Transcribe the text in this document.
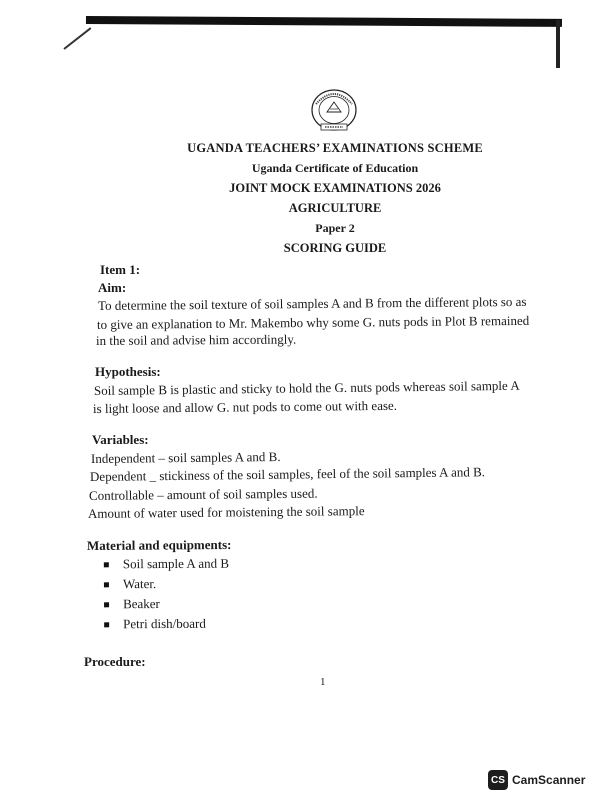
UGANDA TEACHERS’ EXAMINATIONS SCHEME
Uganda Certificate of Education
JOINT MOCK EXAMINATIONS 2026
AGRICULTURE
Paper 2
SCORING GUIDE
Item 1:
Aim:
To determine the soil texture of soil samples A and B from the different plots so as
to give an explanation to Mr. Makembo why some G. nuts pods in Plot B remained
in the soil and advise him accordingly.
Hypothesis:
Soil sample B is plastic and sticky to hold the G. nuts pods whereas soil sample A
is light loose and allow G. nut pods to come out with ease.
Variables:
Independent – soil samples A and B.
Dependent _ stickiness of the soil samples, feel of the soil samples A and B.
Controllable – amount of soil samples used.
Amount of water used for moistening the soil sample
Material and equipments:
Soil sample A and B
Water.
Beaker
Petri dish/board
Procedure:
1
CS CamScanner
